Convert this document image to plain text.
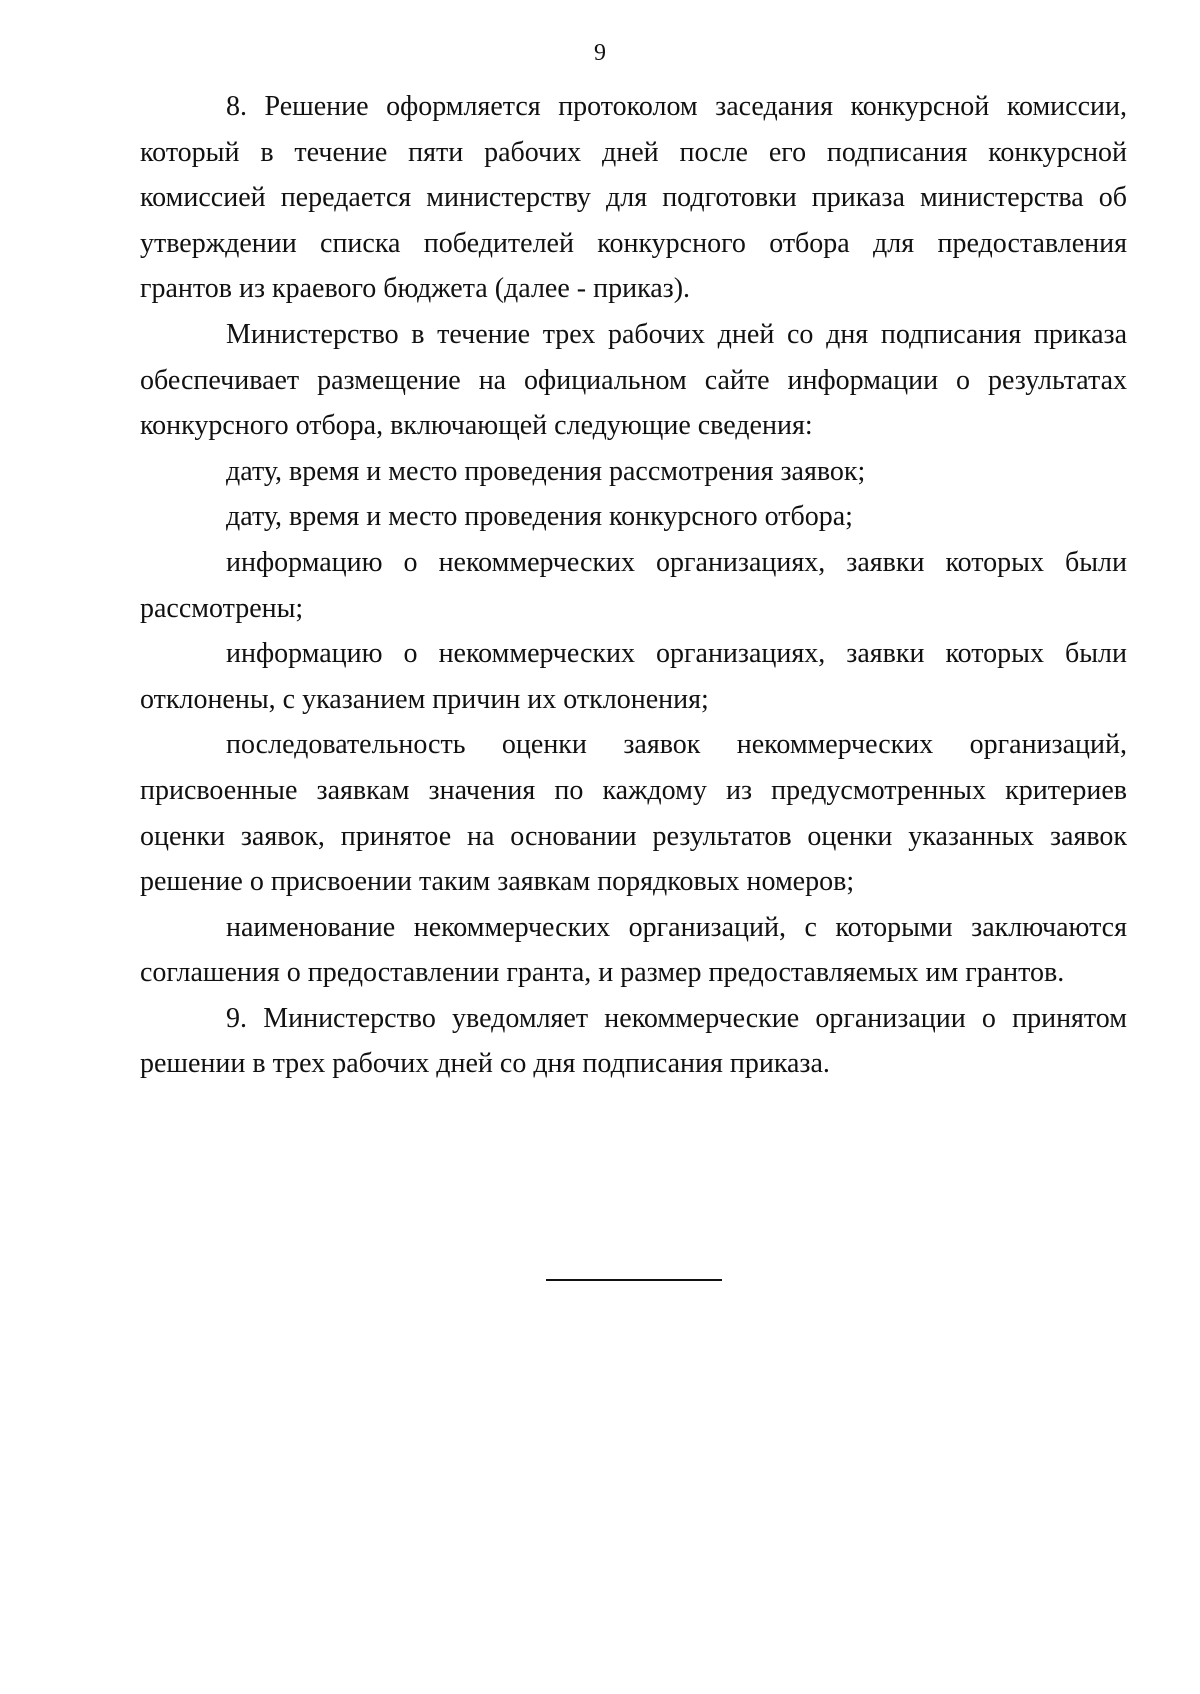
9

8. Решение оформляется протоколом заседания конкурсной комиссии, который в течение пяти рабочих дней после его подписания конкурсной комиссией передается министерству для подготовки приказа министерства об утверждении списка победителей конкурсного отбора для предоставления грантов из краевого бюджета (далее - приказ).

Министерство в течение трех рабочих дней со дня подписания приказа обеспечивает размещение на официальном сайте информации о результатах конкурсного отбора, включающей следующие сведения:

дату, время и место проведения рассмотрения заявок;

дату, время и место проведения конкурсного отбора;

информацию о некоммерческих организациях, заявки которых были рассмотрены;

информацию о некоммерческих организациях, заявки которых были отклонены, с указанием причин их отклонения;

последовательность оценки заявок некоммерческих организаций, присвоенные заявкам значения по каждому из предусмотренных критериев оценки заявок, принятое на основании результатов оценки указанных заявок решение о присвоении таким заявкам порядковых номеров;

наименование некоммерческих организаций, с которыми заключаются соглашения о предоставлении гранта, и размер предоставляемых им грантов.

9. Министерство уведомляет некоммерческие организации о принятом решении в трех рабочих дней со дня подписания приказа.
